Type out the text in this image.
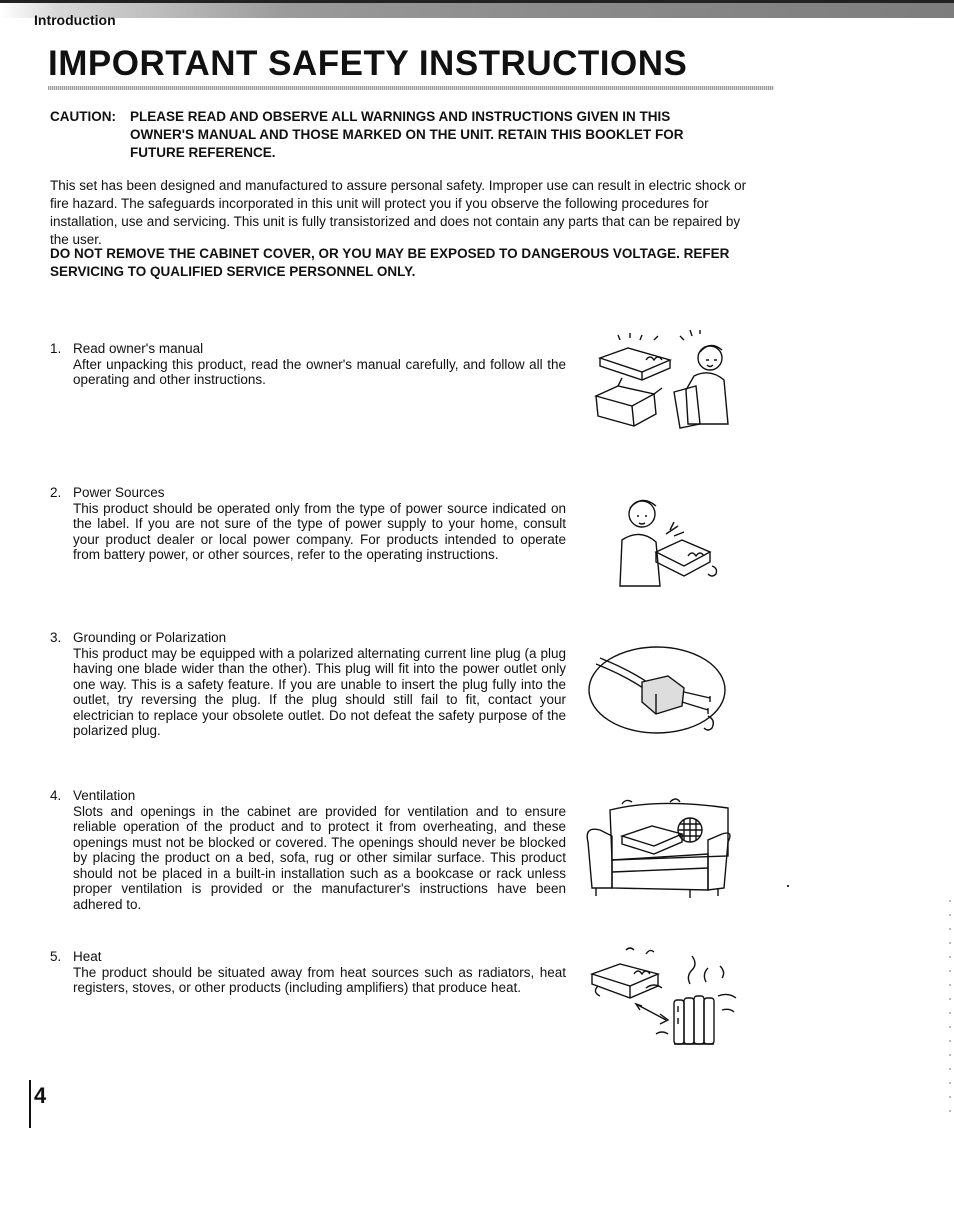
Introduction
IMPORTANT SAFETY INSTRUCTIONS
CAUTION: PLEASE READ AND OBSERVE ALL WARNINGS AND INSTRUCTIONS GIVEN IN THIS OWNER'S MANUAL AND THOSE MARKED ON THE UNIT. RETAIN THIS BOOKLET FOR FUTURE REFERENCE.

This set has been designed and manufactured to assure personal safety. Improper use can result in electric shock or fire hazard. The safeguards incorporated in this unit will protect you if you observe the following procedures for installation, use and servicing. This unit is fully transistorized and does not contain any parts that can be repaired by the user.

DO NOT REMOVE THE CABINET COVER, OR YOU MAY BE EXPOSED TO DANGEROUS VOLTAGE. REFER SERVICING TO QUALIFIED SERVICE PERSONNEL ONLY.

1. Read owner's manual
After unpacking this product, read the owner's manual carefully, and follow all the operating and other instructions.
2. Power Sources
This product should be operated only from the type of power source indicated on the label. If you are not sure of the type of power supply to your home, consult your product dealer or local power company. For products intended to operate from battery power, or other sources, refer to the operating instructions.
3. Grounding or Polarization
This product may be equipped with a polarized alternating current line plug (a plug having one blade wider than the other). This plug will fit into the power outlet only one way. This is a safety feature. If you are unable to insert the plug fully into the outlet, try reversing the plug. If the plug should still fail to fit, contact your electrician to replace your obsolete outlet. Do not defeat the safety purpose of the polarized plug.
4. Ventilation
Slots and openings in the cabinet are provided for ventilation and to ensure reliable operation of the product and to protect it from overheating, and these openings must not be blocked or covered. The openings should never be blocked by placing the product on a bed, sofa, rug or other similar surface. This product should not be placed in a built-in installation such as a bookcase or rack unless proper ventilation is provided or the manufacturer's instructions have been adhered to.
5. Heat
The product should be situated away from heat sources such as radiators, heat registers, stoves, or other products (including amplifiers) that produce heat.
4
